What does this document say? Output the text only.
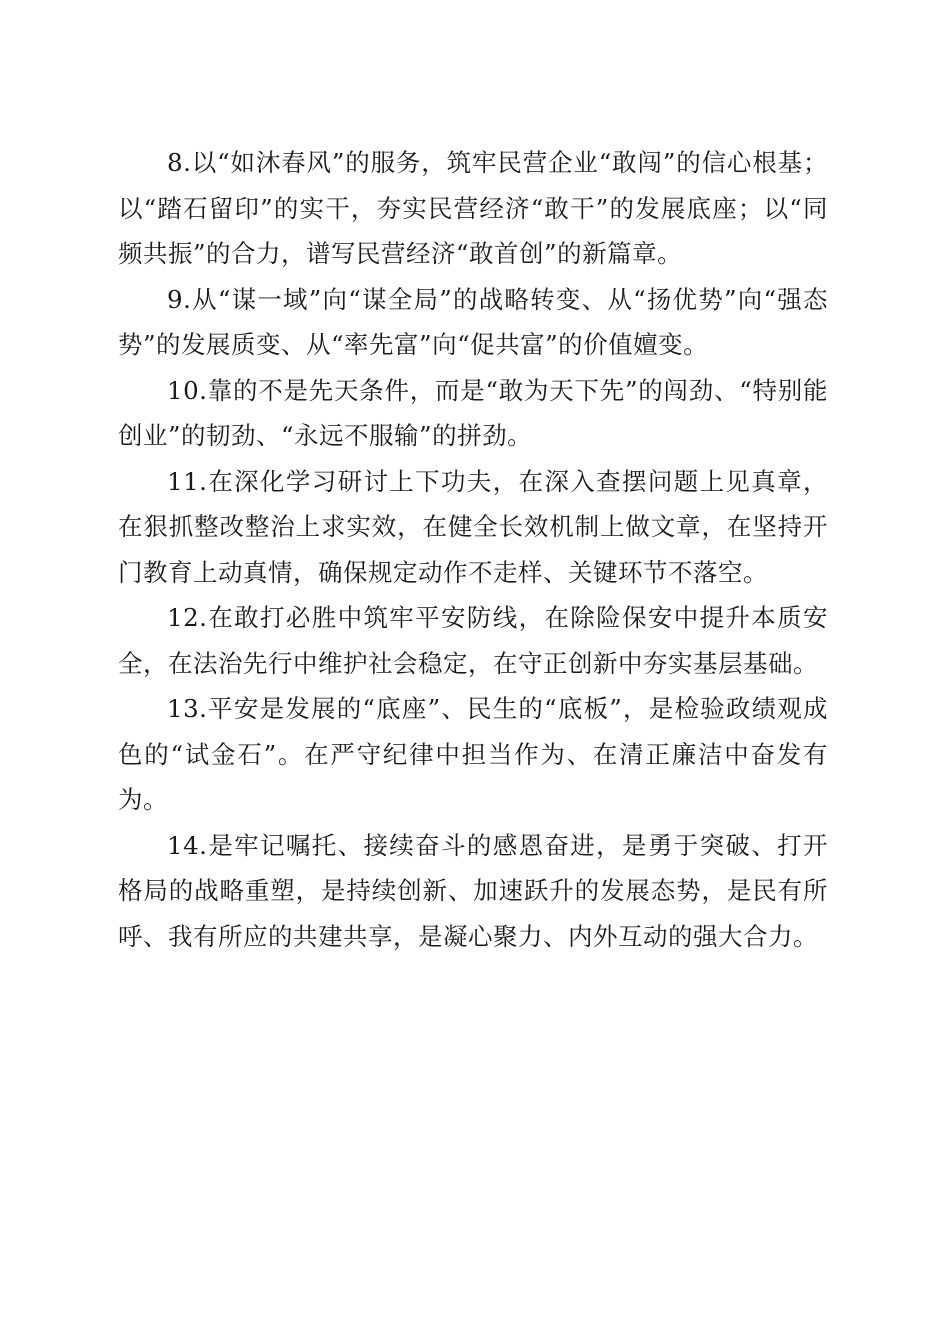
8.以“如沐春风”的服务，筑牢民营企业“敢闯”的信心根基；以“踏石留印”的实干，夯实民营经济“敢干”的发展底座；以“同频共振”的合力，谱写民营经济“敢首创”的新篇章。

9.从“谋一域”向“谋全局”的战略转变、从“扬优势”向“强态势”的发展质变、从“率先富”向“促共富”的价值嬗变。

10.靠的不是先天条件，而是“敢为天下先”的闯劲、“特别能创业”的韧劲、“永远不服输”的拼劲。

11.在深化学习研讨上下功夫，在深入查摆问题上见真章，在狠抓整改整治上求实效，在健全长效机制上做文章，在坚持开门教育上动真情，确保规定动作不走样、关键环节不落空。

12.在敢打必胜中筑牢平安防线，在除险保安中提升本质安全，在法治先行中维护社会稳定，在守正创新中夯实基层基础。

13.平安是发展的“底座”、民生的“底板”，是检验政绩观成色的“试金石”。在严守纪律中担当作为、在清正廉洁中奋发有为。

14.是牢记嘱托、接续奋斗的感恩奋进，是勇于突破、打开格局的战略重塑，是持续创新、加速跃升的发展态势，是民有所呼、我有所应的共建共享，是凝心聚力、内外互动的强大合力。
